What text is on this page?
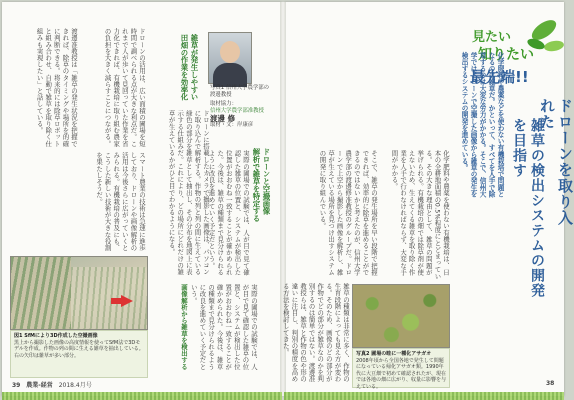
見たい
知りたい
最先端!!
ドローンを取り入れた
雑草の検出システムの開発を目指す
化学肥料や農薬などを使わない有機栽培で問題となるのは雑草だ。かといって、すべてを人手で除草するのは大変な労力がかかる。そこで、信州大学ではドローンで空撮した画像から雑草の発生を検出するシステムの開発を進めている。
化学肥料や農薬を使わない有機栽培は、日本の全耕地面積の0.5%程度にとどまっている。その大きな理由として、雑草の問題が挙げられる。有機栽培の畑では除草剤が使えないため、生えてくる雑草を取り除く作業を人手で行わなければならず、大変な手間がかかる。
そこで、雑草の発生場所を早い段階で把握できれば、効率的に除草を進めることができるのではないかと考えたのが、信州大学農学部の渡邊修准教授のグループだ。ドローンで上空から撮影した画像を解析し、雑草が生えている場所を見つけ出すシステムの開発に取り組んでいる。
雑草の種類は非常に多く、作物の生育段階によっても見え方が変わる。そのため、画像のどの部分が作物でどの部分が雑草なのかを判別するのは簡単ではない。渡邊准教授らは、雑草と作物の色や形の違いに注目し、判別の精度を高める方法を検討してきた。	写真2 圃場の畦に一種化アサガオ
2008年頃から全国各地で発生して問題になっている帰化アサガオ類。1990年代に大豆畑で初めて確認されたが、現在では各地の畑に広がり、収量に影響を与えている。
写真1 信州大学農学部の
渡邊教授
取材協力：
信州大学農学部准教授
渡邊 修
取材・文：岸康彦
雑草が発生しやすい
田畑の作業を効率化
ドローンに搭載したカメラで撮影した画像は、パソコンに取り込んで解析する。作物の列と列の間に生えている緑色の部分を雑草として抽出し、その分布を地図上に表示する仕組みだ。これにより、どの場所にどれだけの雑草が生えているかがひと目でわかるようになる。	ドローンと空撮画像
解析で雑草を特定する
実際の圃場での試験では、人が目で見て確認した雑草の位置と、システムが検出した位置がおおむね一致することが確かめられた。今後は、雑草の種類まで見分けられるように改良を進めていく予定だという。
ドローンの活用は、広い面積の圃場を短時間で調べられる点が大きな利点だ。これまで人が歩いて見回っていた作業を省力化できれば、有機栽培に取り組む農家の負担を大きく減らすことにつながる。
渡邊准教授は「雑草の発生状況を把握できれば、除草のタイミングや場所を的確に判断できる。将来的には除草ロボットと組み合わせ、自動で雑草を取り除く仕組みも実現したい」と話している。
スマート農業の技術は急速に進歩しており、ドローンや画像解析の活用は今後さらに広がっていくとみられる。有機栽培の普及にも、こうした新しい技術が大きな役割を果たしそうだ。
画像解析から雑草を検出する	実際の圃場での試験では、人が目で見て確認した雑草の位置と、システムが検出した位置がおおむね一致することが確かめられた。今後は、雑草の種類まで見分けられるように改良を進めていく予定だという。
図1 SfMにより3D作成した空撮画像
黒上から撮影した画像の高度情報を使ってSfM法で3Dモデルを作成。作物の列の間に生える雑草を抽出している。右の矢印は雑草が多い部分。
39 農業-経営 2018.4月号	38
